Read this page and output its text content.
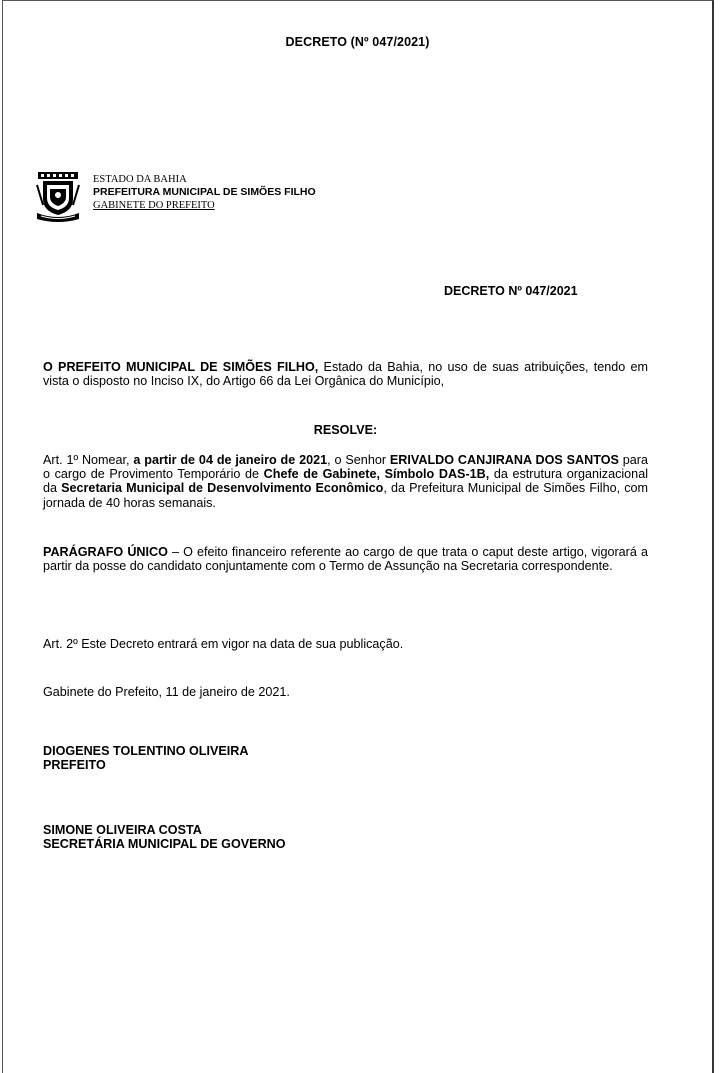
DECRETO (Nº 047/2021)
ESTADO DA BAHIA
PREFEITURA MUNICIPAL DE SIMÕES FILHO
GABINETE DO PREFEITO
DECRETO Nº 047/2021
O PREFEITO MUNICIPAL DE SIMÕES FILHO, Estado da Bahia, no uso de suas atribuições, tendo em vista o disposto no Inciso IX, do Artigo 66 da Lei Orgânica do Município,
RESOLVE:
Art. 1º Nomear, a partir de 04 de janeiro de 2021, o Senhor ERIVALDO CANJIRANA DOS SANTOS para o cargo de Provimento Temporário de Chefe de Gabinete, Símbolo DAS-1B, da estrutura organizacional da Secretaria Municipal de Desenvolvimento Econômico, da Prefeitura Municipal de Simões Filho, com jornada de 40 horas semanais.
PARÁGRAFO ÚNICO – O efeito financeiro referente ao cargo de que trata o caput deste artigo, vigorará a partir da posse do candidato conjuntamente com o Termo de Assunção na Secretaria correspondente.
Art. 2º Este Decreto entrará em vigor na data de sua publicação.
Gabinete do Prefeito, 11 de janeiro de 2021.
DIOGENES TOLENTINO OLIVEIRA
PREFEITO
SIMONE OLIVEIRA COSTA
SECRETÁRIA MUNICIPAL DE GOVERNO
